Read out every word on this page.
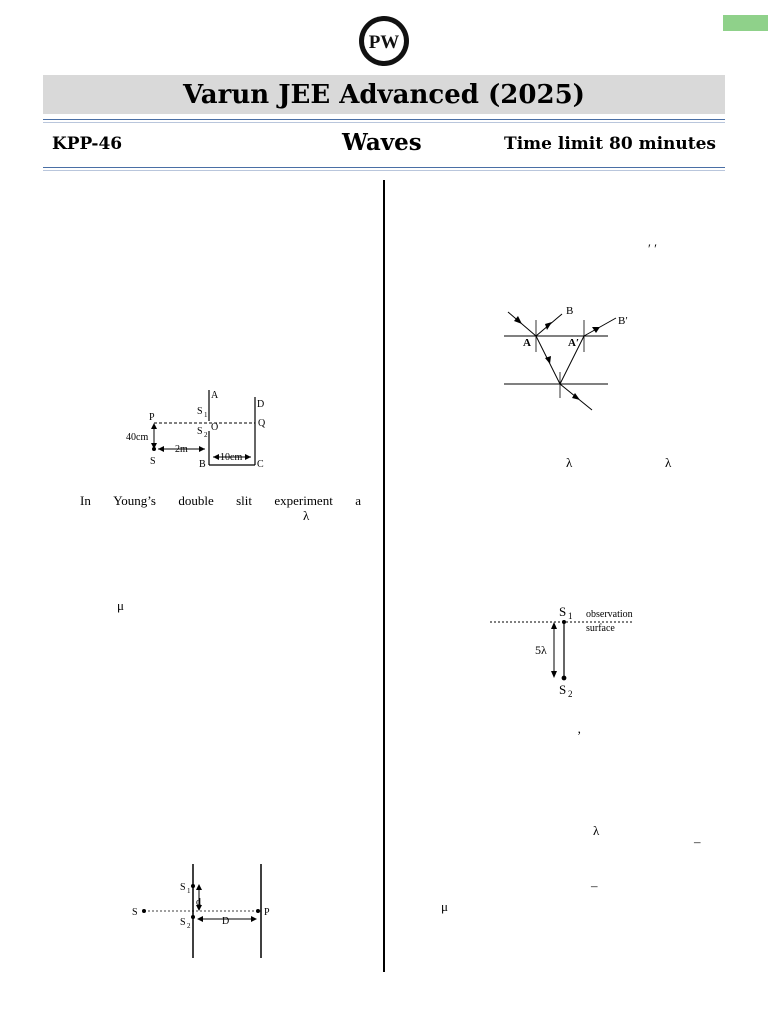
PW
Varun JEE Advanced (2025)
KPP-46	Waves	Time limit 80 minutes
A
D
P
S 1
S 2
O	Q
40cm
S
2m
B
10cm
C
In Young’s double slit experiment a
λ
μ
S 1
d
S
S 2	D
P
′ ′
B
B′
A	A′
λ	λ
S 1 observation
surface
5λ
S 2
’
λ
–
–
μ
